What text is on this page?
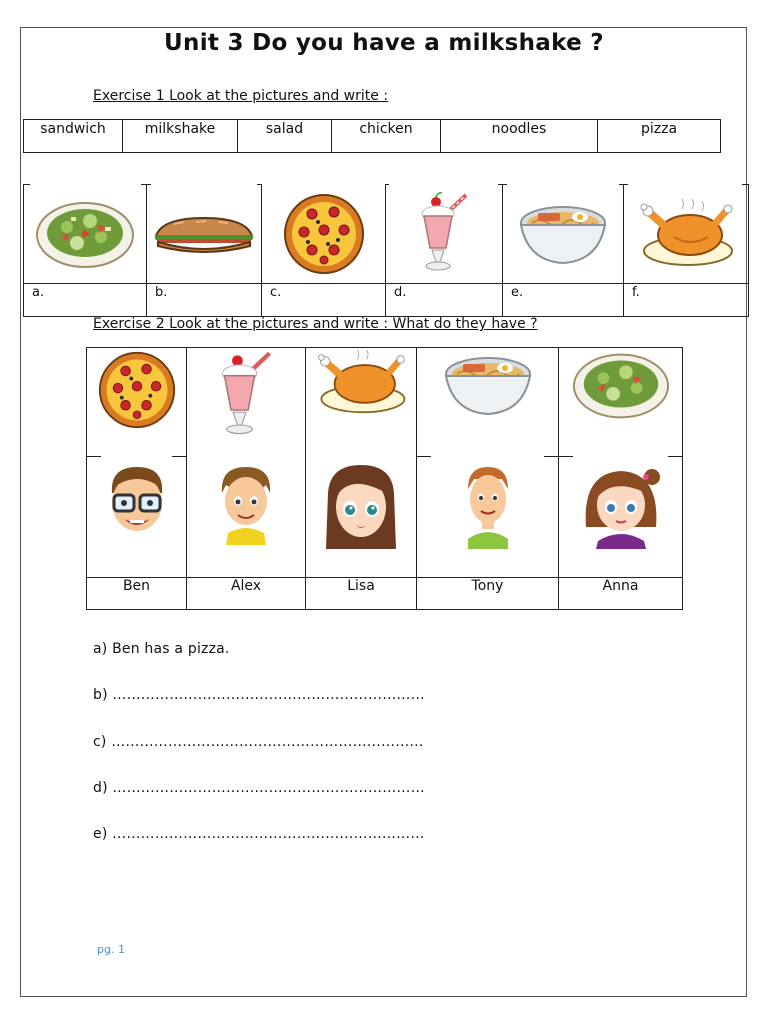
Unit 3 Do you have a milkshake ?
Exercise 1 Look at the pictures and write :
sandwich	milkshake	salad	chicken	noodles	pizza

a.	b.	c.	d.	e.	f.
Exercise 2 Look at the pictures and write : What do they have ?

Ben	Alex	Lisa	Tony	Anna
a) Ben has a pizza.
b) …………………………………………………………
c) …………………………………………………………
d) …………………………………………………………
e) …………………………………………………………
pg. 1
